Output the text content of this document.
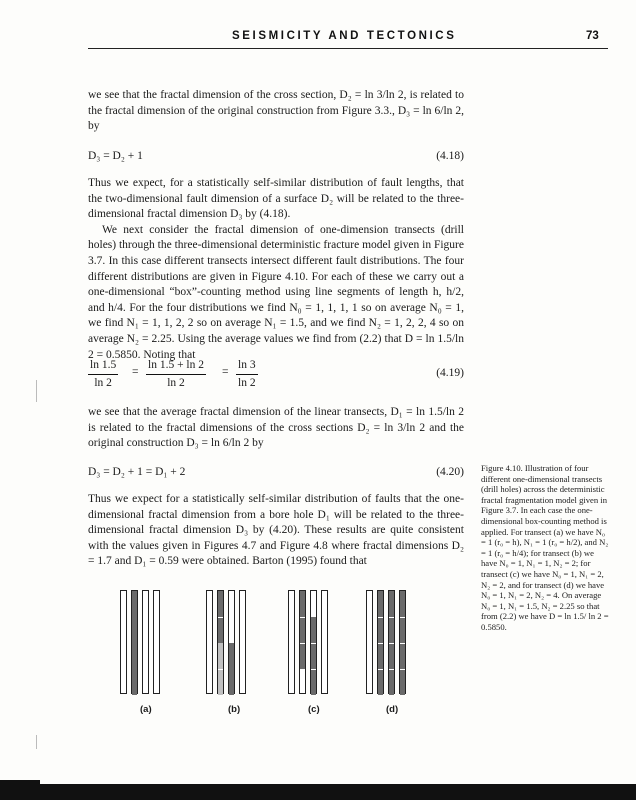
SEISMICITY AND TECTONICS	73

we see that the fractal dimension of the cross section, D₂ = ln 3/ln 2, is related to the fractal dimension of the original construction from Figure 3.3., D₃ = ln 6/ln 2, by

D₃ = D₂ + 1	(4.18)

Thus we expect, for a statistically self-similar distribution of fault lengths, that the two-dimensional fault dimension of a surface D₂ will be related to the three-dimensional fractal dimension D₃ by (4.18).

We next consider the fractal dimension of one-dimension transects (drill holes) through the three-dimensional deterministic fracture model given in Figure 3.7. In this case different transects intersect different fault distributions. The four different distributions are given in Figure 4.10. For each of these we carry out a one-dimensional “box”-counting method using line segments of length h, h/2, and h/4. For the four distributions we find N₀ = 1, 1, 1, 1 so on average N₀ = 1, we find N₁ = 1, 1, 2, 2 so on average N₁ = 1.5, and we find N₂ = 1, 2, 2, 4 so on average N₂ = 2.25. Using the average values we find from (2.2) that D = ln 1.5/ln 2 = 0.5850. Noting that

$\frac{\ln 1.5}{\ln 2} = \frac{\ln 1.5 + \ln 2}{\ln 2} = \frac{\ln 3}{\ln 2}$	(4.19)

we see that the average fractal dimension of the linear transects, D₁ = ln 1.5/ln 2 is related to the fractal dimensions of the cross sections D₂ = ln 3/ln 2 and the original construction D₃ = ln 6/ln 2 by

D₃ = D₂ + 1 = D₁ + 2	(4.20)

Thus we expect for a statistically self-similar distribution of faults that the one-dimensional fractal dimension from a bore hole D₁ will be related to the three-dimensional fractal dimension D₃ by (4.20). These results are quite consistent with the values given in Figures 4.7 and Figure 4.8 where fractal dimensions D₂ = 1.7 and D₁ = 0.59 were obtained. Barton (1995) found that

Figure 4.10. Illustration of four different one-dimensional transects (drill holes) across the deterministic fractal fragmentation model given in Figure 3.7. In each case the one-dimensional box-counting method is applied. For transect (a) we have N₀ = 1 (r₀ = h), N₁ = 1 (r₀ = h/2), and N₂ = 1 (r₀ = h/4); for transect (b) we have N₀ = 1, N₁ = 1, N₂ = 2; for transect (c) we have N₀ = 1, N₁ = 2, N₂ = 2, and for transect (d) we have N₀ = 1, N₁ = 2, N₂ = 4. On average N₀ = 1, N₁ = 1.5, N₂ = 2.25 so that from (2.2) we have D = ln 1.5/ ln 2 = 0.5850.
(a)	(b)	(c)	(d)
